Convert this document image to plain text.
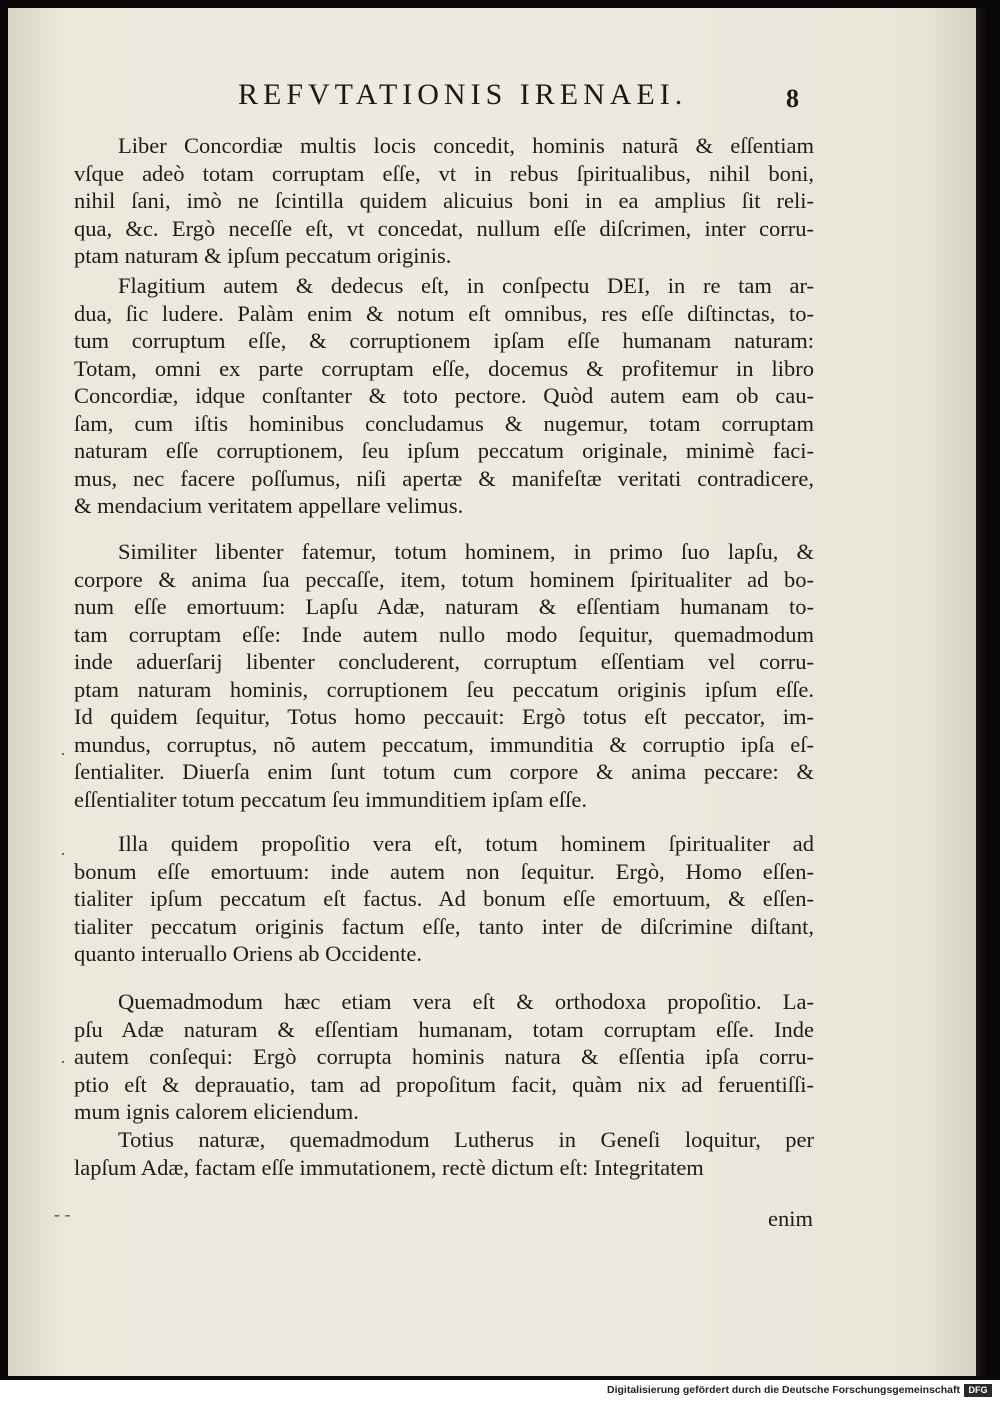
REFVTATIONIS IRENAEI.	8
Liber Concordiæ multis locis concedit, hominis naturã & eſſentiam
vſque adeò totam corruptam eſſe, vt in rebus ſpiritualibus, nihil boni,
nihil ſani, imò ne ſcintilla quidem alicuius boni in ea amplius ſit reli-
qua, &c. Ergò neceſſe eſt, vt concedat, nullum eſſe diſcrimen, inter corru-
ptam naturam & ipſum peccatum originis.
Flagitium autem & dedecus eſt, in conſpectu DEI, in re tam ar-
dua, ſic ludere. Palàm enim & notum eſt omnibus, res eſſe diſtinctas, to-
tum corruptum eſſe, & corruptionem ipſam eſſe humanam naturam:
Totam, omni ex parte corruptam eſſe, docemus & profitemur in libro
Concordiæ, idque conſtanter & toto pectore. Quòd autem eam ob cau-
ſam, cum iſtis hominibus concludamus & nugemur, totam corruptam
naturam eſſe corruptionem, ſeu ipſum peccatum originale, minimè faci-
mus, nec facere poſſumus, niſi apertæ & manifeſtæ veritati contradicere,
& mendacium veritatem appellare velimus.
Similiter libenter fatemur, totum hominem, in primo ſuo lapſu, &
corpore & anima ſua peccaſſe, item, totum hominem ſpiritualiter ad bo-
num eſſe emortuum: Lapſu Adæ, naturam & eſſentiam humanam to-
tam corruptam eſſe: Inde autem nullo modo ſequitur, quemadmodum
inde aduerſarij libenter concluderent, corruptum eſſentiam vel corru-
ptam naturam hominis, corruptionem ſeu peccatum originis ipſum eſſe.
Id quidem ſequitur, Totus homo peccauit: Ergò totus eſt peccator, im-
mundus, corruptus, nõ autem peccatum, immunditia & corruptio ipſa eſ-
ſentialiter. Diuerſa enim ſunt totum cum corpore & anima peccare: &
eſſentialiter totum peccatum ſeu immunditiem ipſam eſſe.
Illa quidem propoſitio vera eſt, totum hominem ſpiritualiter ad
bonum eſſe emortuum: inde autem non ſequitur. Ergò, Homo eſſen-
tialiter ipſum peccatum eſt factus. Ad bonum eſſe emortuum, & eſſen-
tialiter peccatum originis factum eſſe, tanto inter de diſcrimine diſtant,
quanto interuallo Oriens ab Occidente.
Quemadmodum hæc etiam vera eſt & orthodoxa propoſitio. La-
pſu Adæ naturam & eſſentiam humanam, totam corruptam eſſe. Inde
autem conſequi: Ergò corrupta hominis natura & eſſentia ipſa corru-
ptio eſt & deprauatio, tam ad propoſitum facit, quàm nix ad feruentiſſi-
mum ignis calorem eliciendum.
Totius naturæ, quemadmodum Lutherus in Geneſi loquitur, per
lapſum Adæ, factam eſſe immutationem, rectè dictum eſt: Integritatem
enim
·
·
·
- -
Digitalisierung gefördert durch die Deutsche Forschungsgemeinschaft DFG
